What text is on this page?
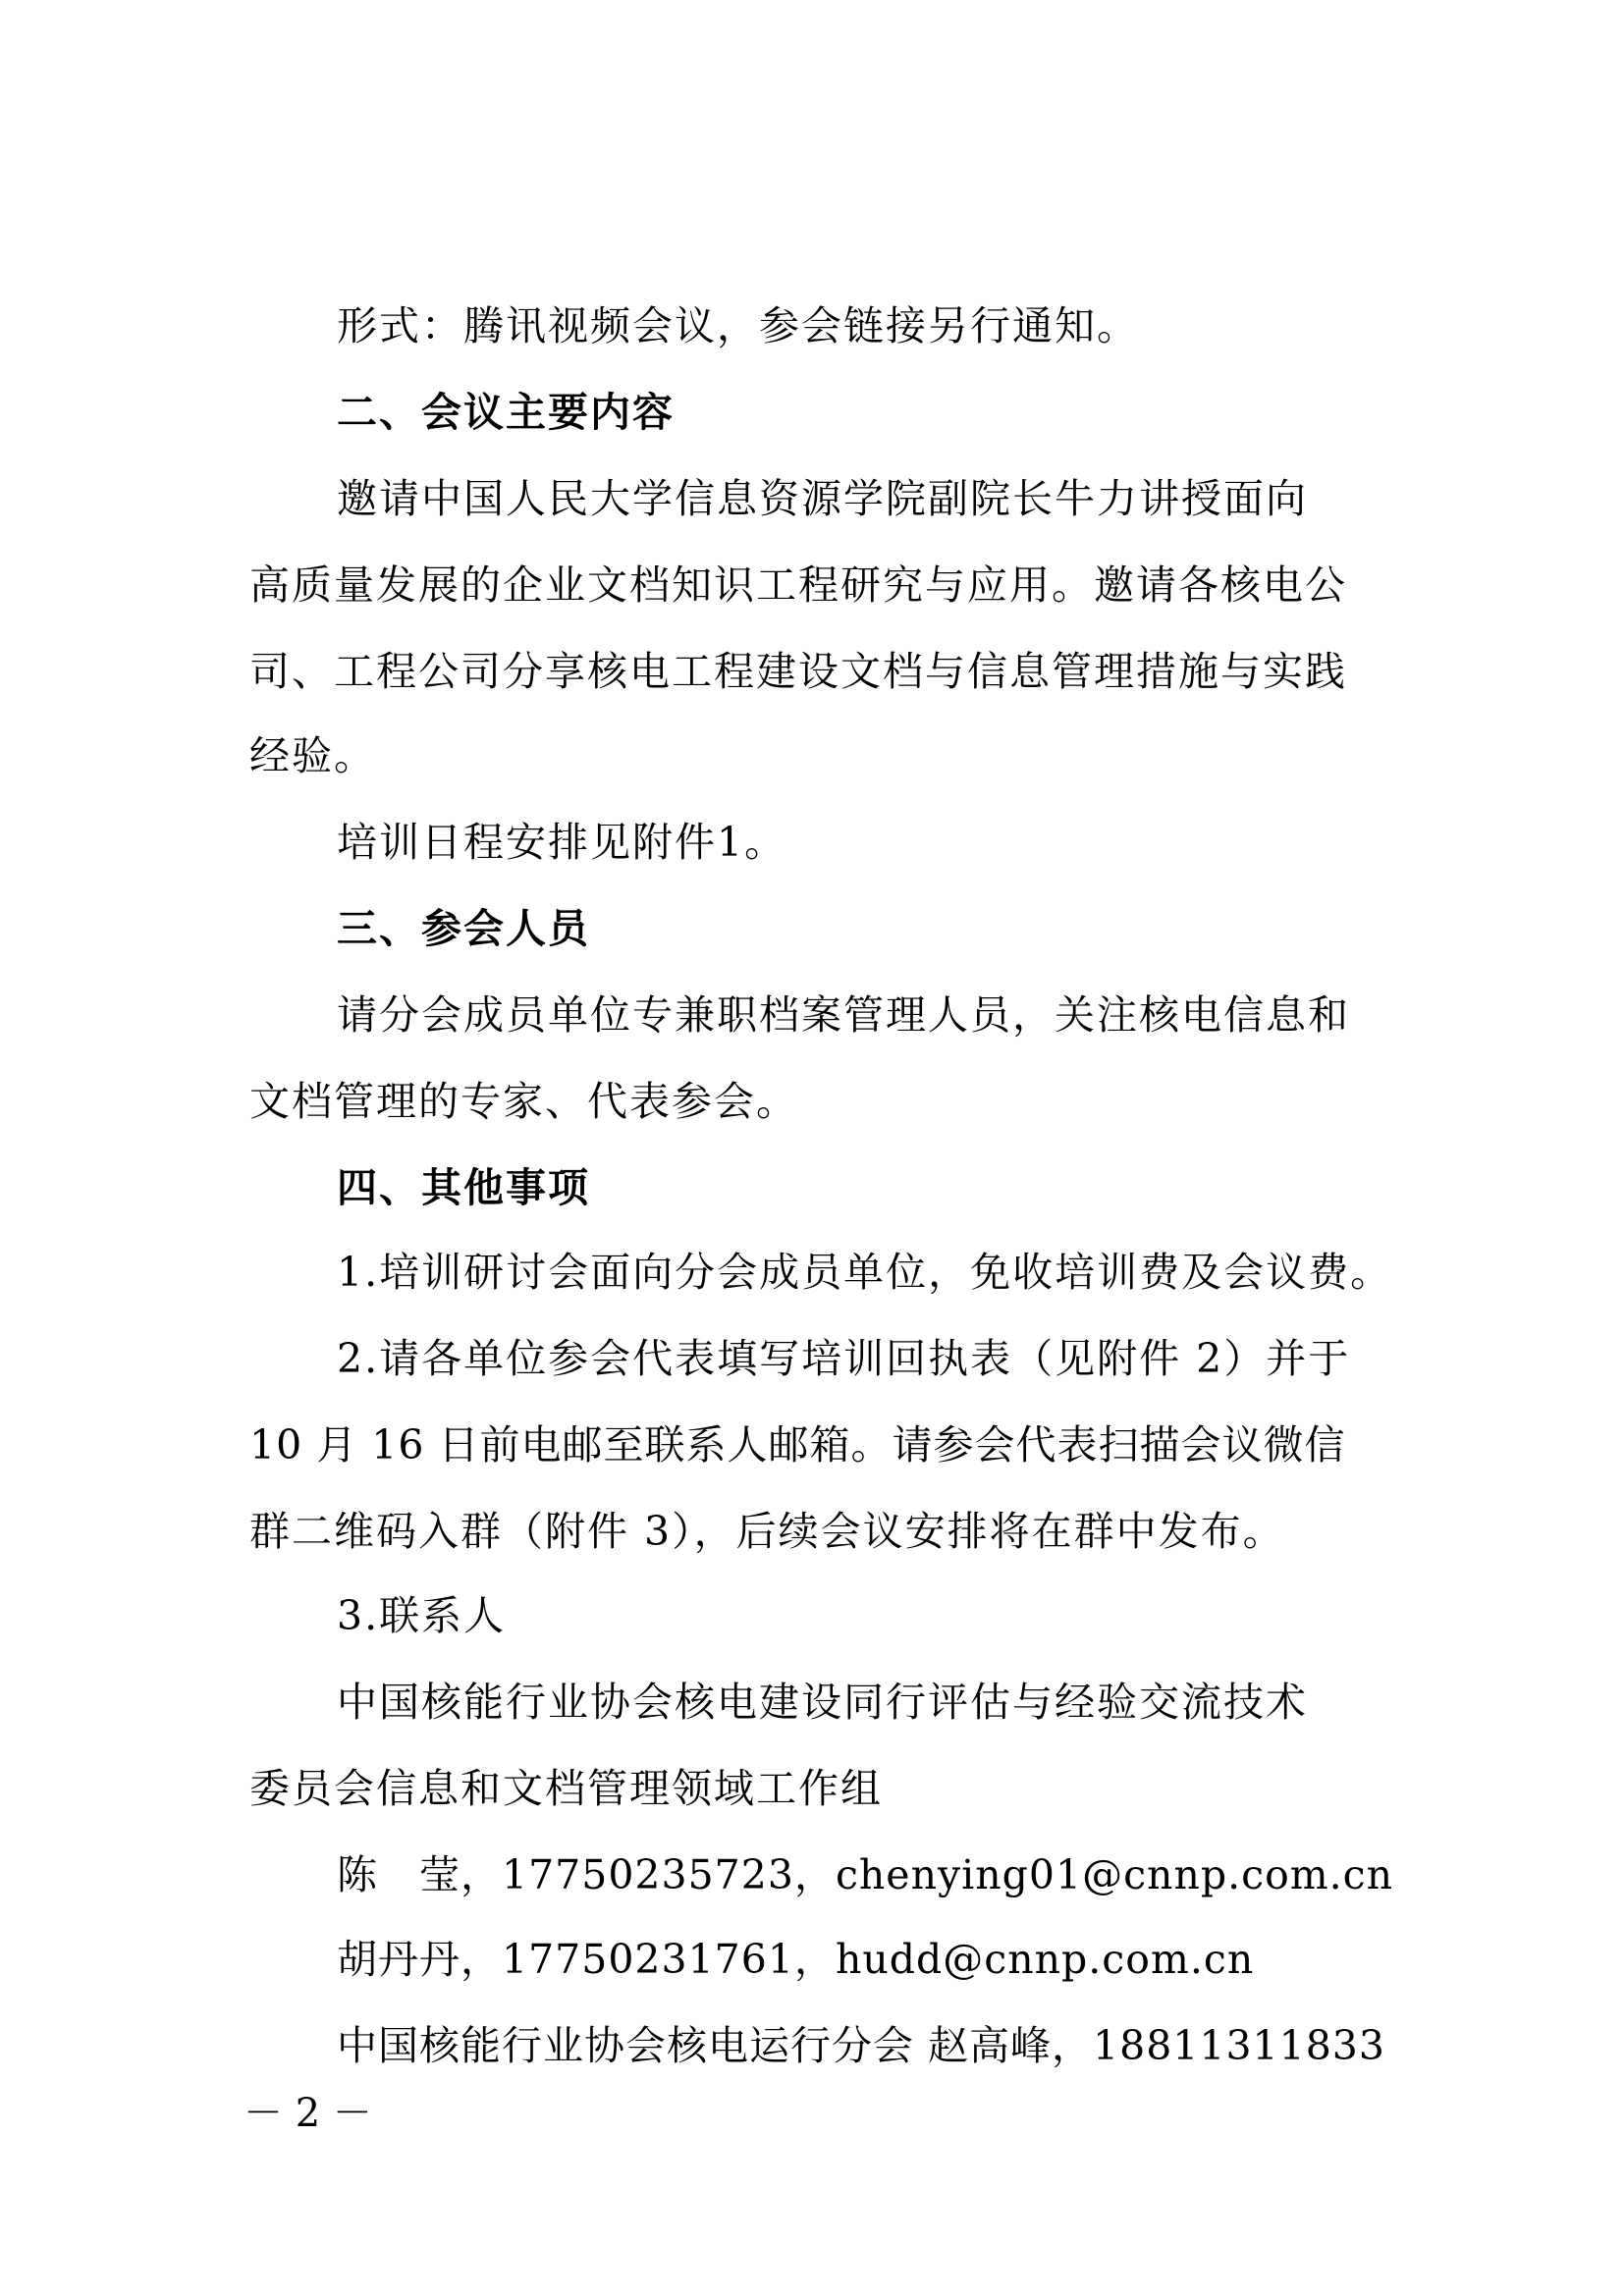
形式：腾讯视频会议，参会链接另行通知。
二、会议主要内容
邀请中国人民大学信息资源学院副院长牛力讲授面向
高质量发展的企业文档知识工程研究与应用。邀请各核电公
司、工程公司分享核电工程建设文档与信息管理措施与实践
经验。
培训日程安排见附件1。
三、参会人员
请分会成员单位专兼职档案管理人员，关注核电信息和
文档管理的专家、代表参会。
四、其他事项
1.培训研讨会面向分会成员单位，免收培训费及会议费。
2.请各单位参会代表填写培训回执表（见附件 2）并于
10 月 16 日前电邮至联系人邮箱。请参会代表扫描会议微信
群二维码入群（附件 3），后续会议安排将在群中发布。
3.联系人
中国核能行业协会核电建设同行评估与经验交流技术
委员会信息和文档管理领域工作组
陈　莹，17750235723，chenying01@cnnp.com.cn
胡丹丹，17750231761，hudd@cnnp.com.cn
中国核能行业协会核电运行分会 赵高峰，18811311833
－ 2 －
